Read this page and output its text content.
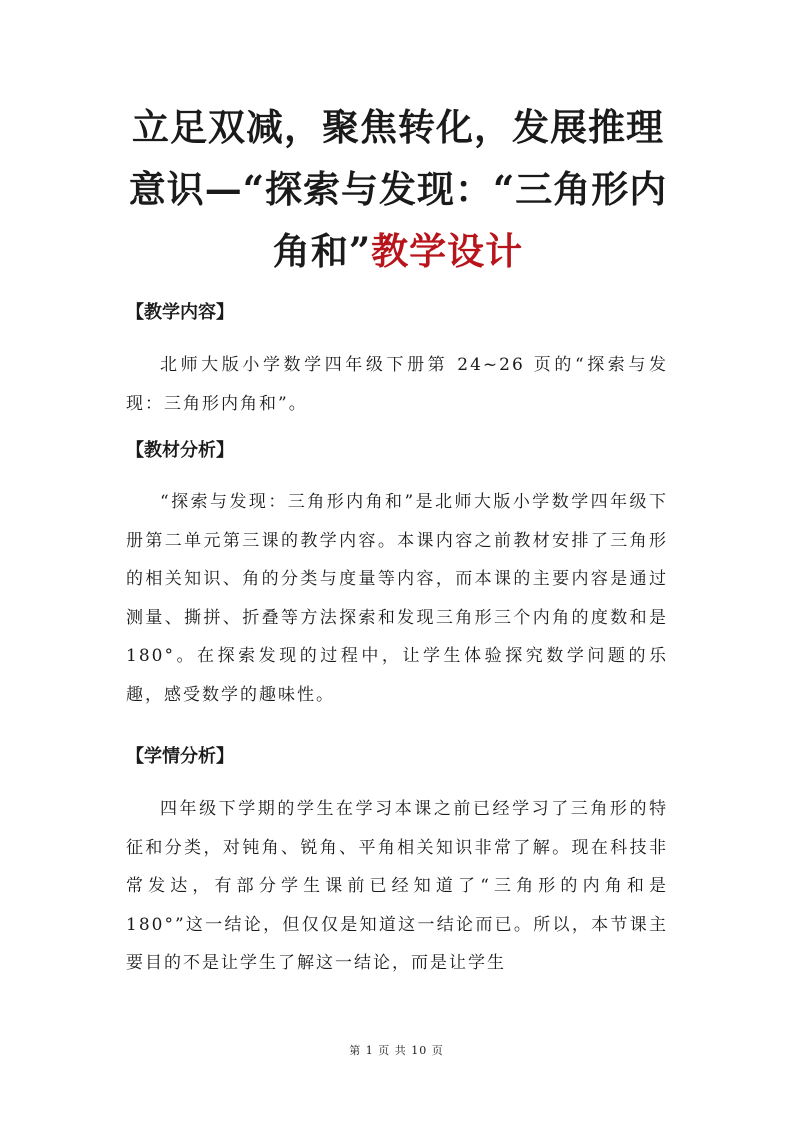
立足双减，聚焦转化，发展推理意识—“探索与发现：“三角形内角和”教学设计
【教学内容】

北师大版小学数学四年级下册第 24~26 页的“探索与发现：三角形内角和”。

【教材分析】

“探索与发现：三角形内角和”是北师大版小学数学四年级下册第二单元第三课的教学内容。本课内容之前教材安排了三角形的相关知识、角的分类与度量等内容，而本课的主要内容是通过测量、撕拼、折叠等方法探索和发现三角形三个内角的度数和是 180°。在探索发现的过程中，让学生体验探究数学问题的乐趣，感受数学的趣味性。

【学情分析】

四年级下学期的学生在学习本课之前已经学习了三角形的特征和分类，对钝角、锐角、平角相关知识非常了解。现在科技非常发达，有部分学生课前已经知道了“三角形的内角和是 180°”这一结论，但仅仅是知道这一结论而已。所以，本节课主要目的不是让学生了解这一结论，而是让学生

第 1 页 共 10 页
